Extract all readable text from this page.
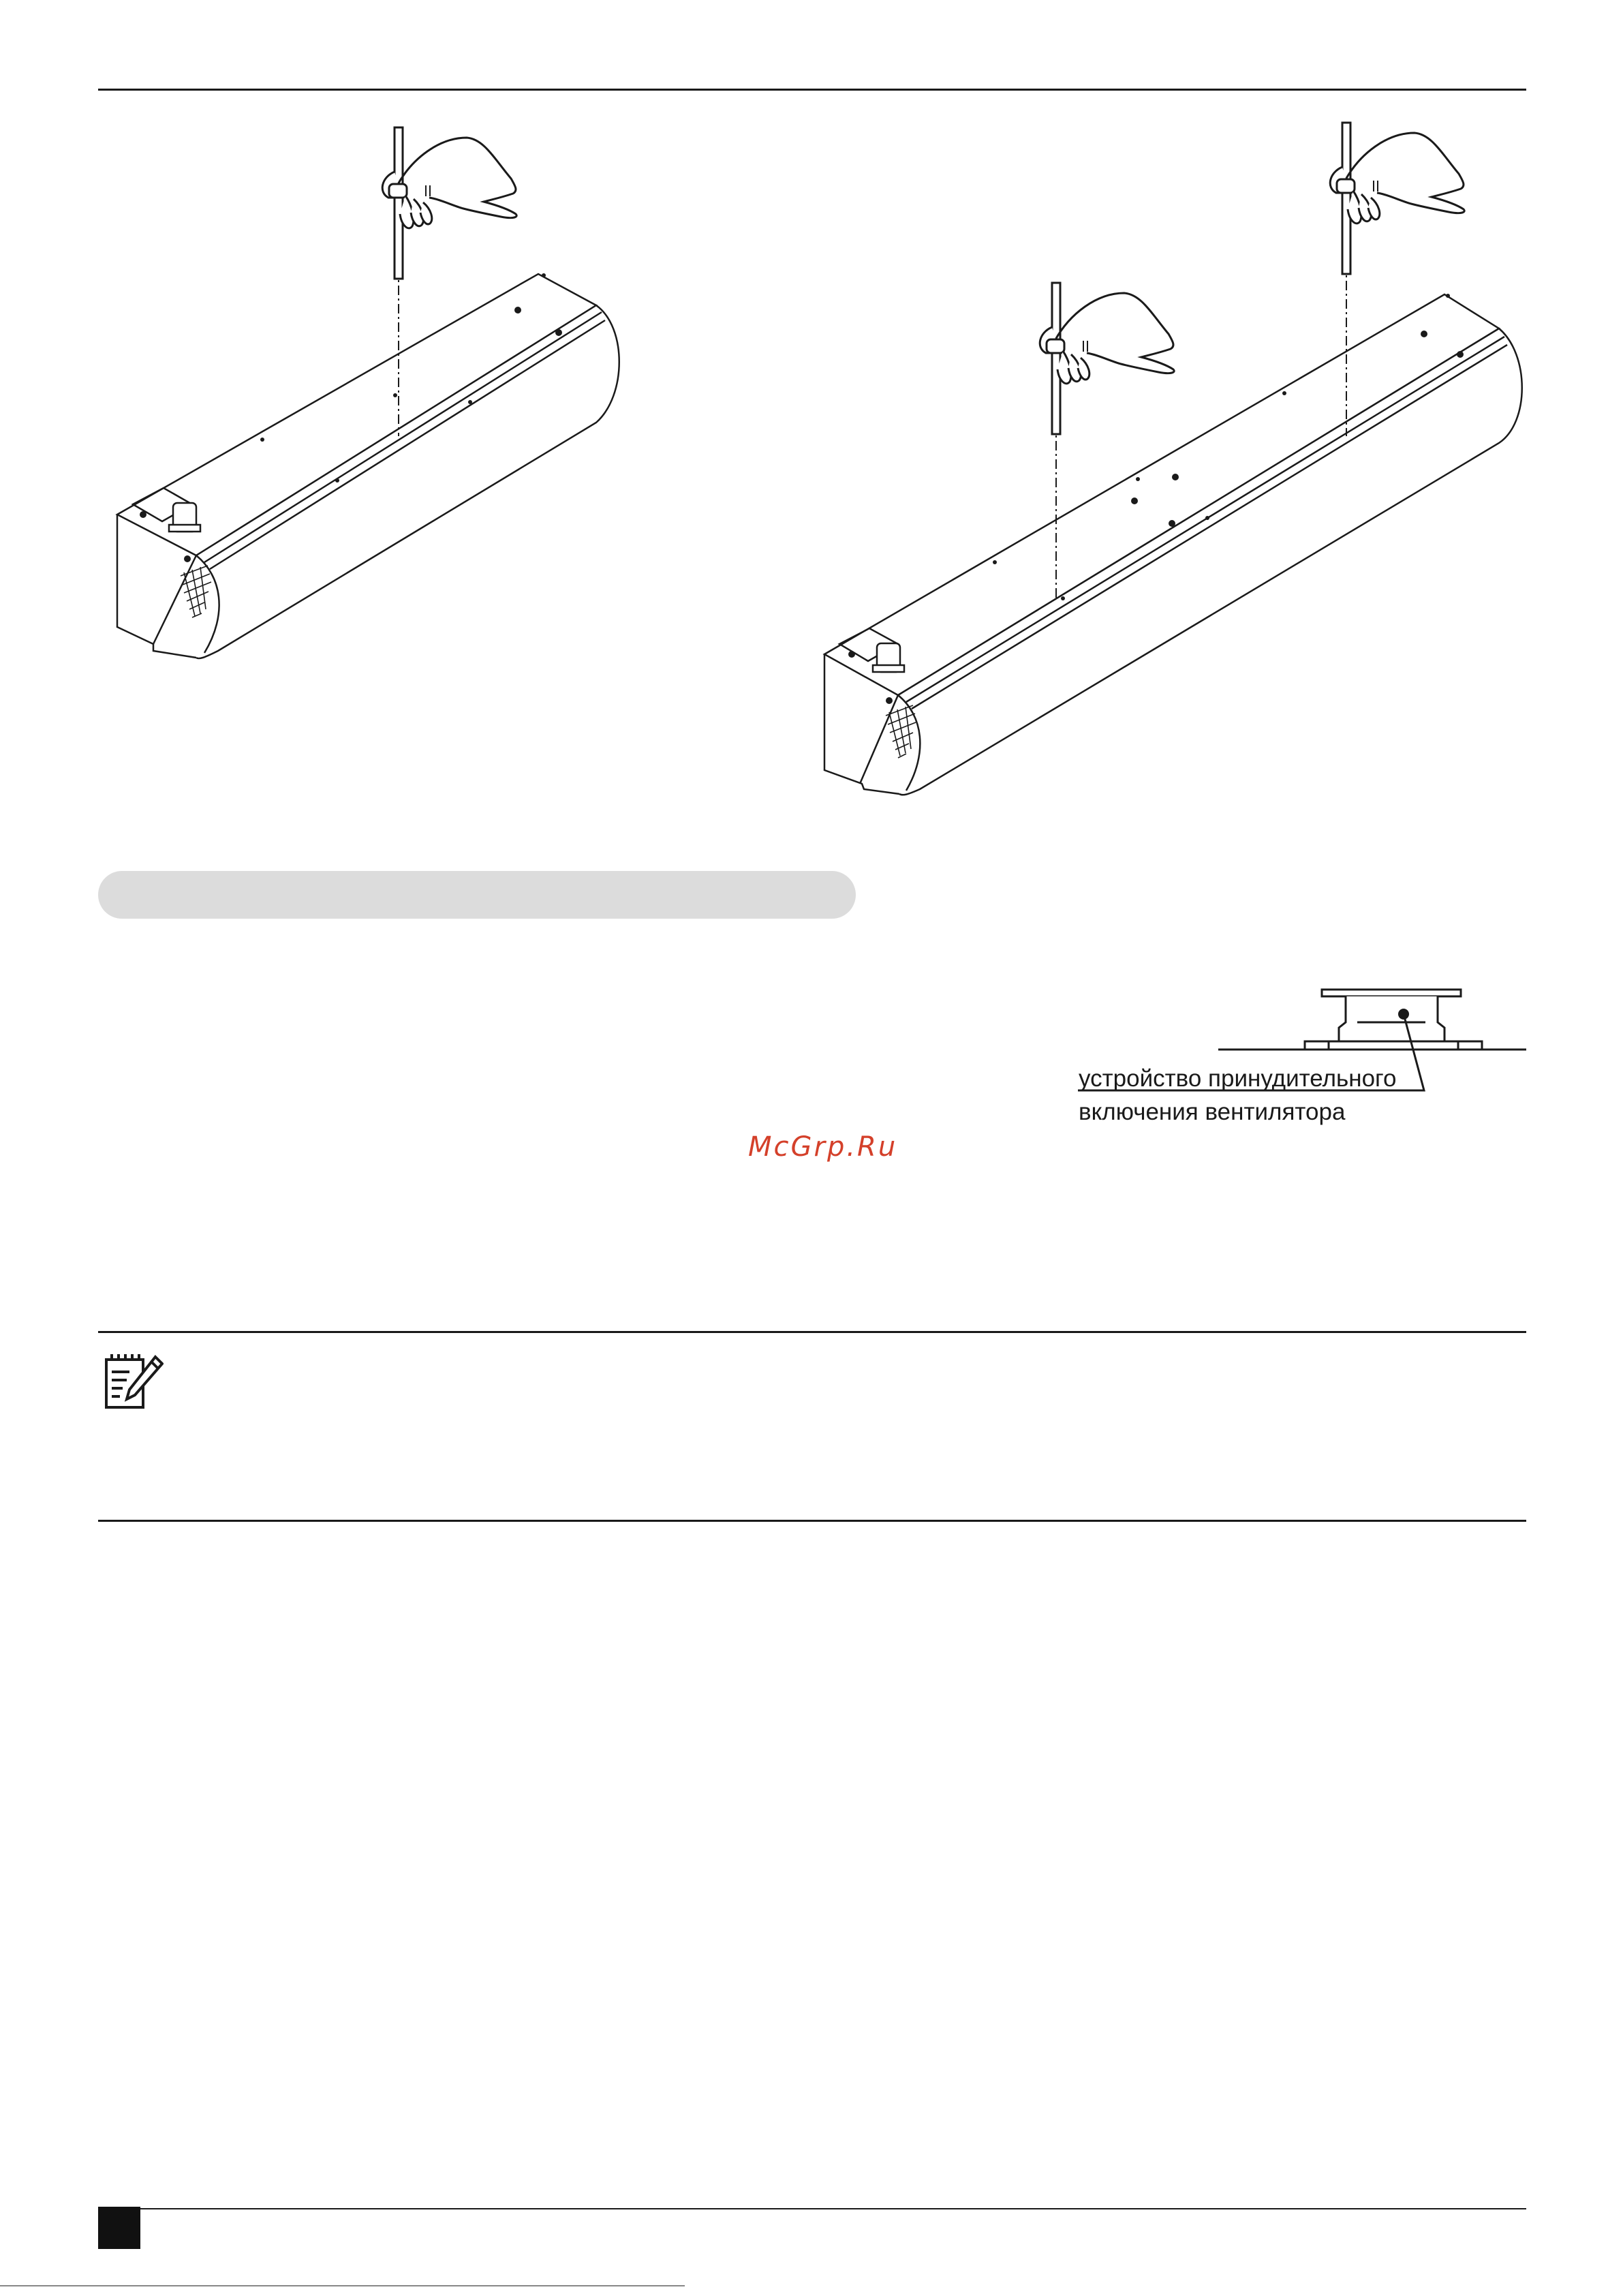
устройство принудительного
включения вентилятора
McGrp.Ru
